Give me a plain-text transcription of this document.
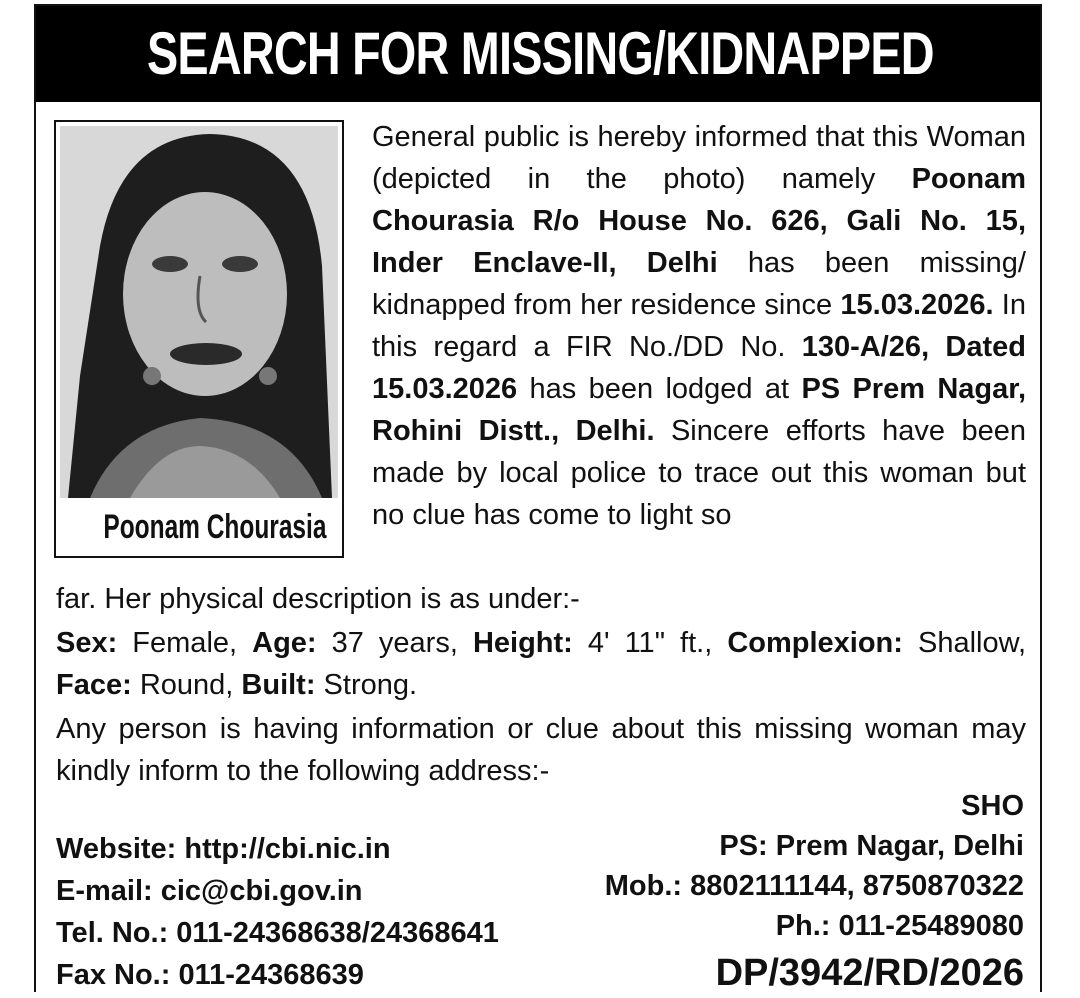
SEARCH FOR MISSING/KIDNAPPED
Poonam Chourasia
General public is hereby informed that this Woman (depicted in the photo) namely Poonam Chourasia R/o House No. 626, Gali No. 15, Inder Enclave-II, Delhi has been missing/ kidnapped from her residence since 15.03.2026. In this regard a FIR No./DD No. 130-A/26, Dated 15.03.2026 has been lodged at PS Prem Nagar, Rohini Distt., Delhi. Sincere efforts have been made by local police to trace out this woman but no clue has come to light so
far. Her physical description is as under:-
Sex: Female, Age: 37 years, Height: 4' 11" ft., Complexion: Shallow, Face: Round, Built: Strong.
Any person is having information or clue about this missing woman may kindly inform to the following address:-
Website: http://cbi.nic.in
E-mail: cic@cbi.gov.in
Tel. No.: 011-24368638/24368641
Fax No.: 011-24368639
SHO
PS: Prem Nagar, Delhi
Mob.: 8802111144, 8750870322
Ph.: 011-25489080
DP/3942/RD/2026
